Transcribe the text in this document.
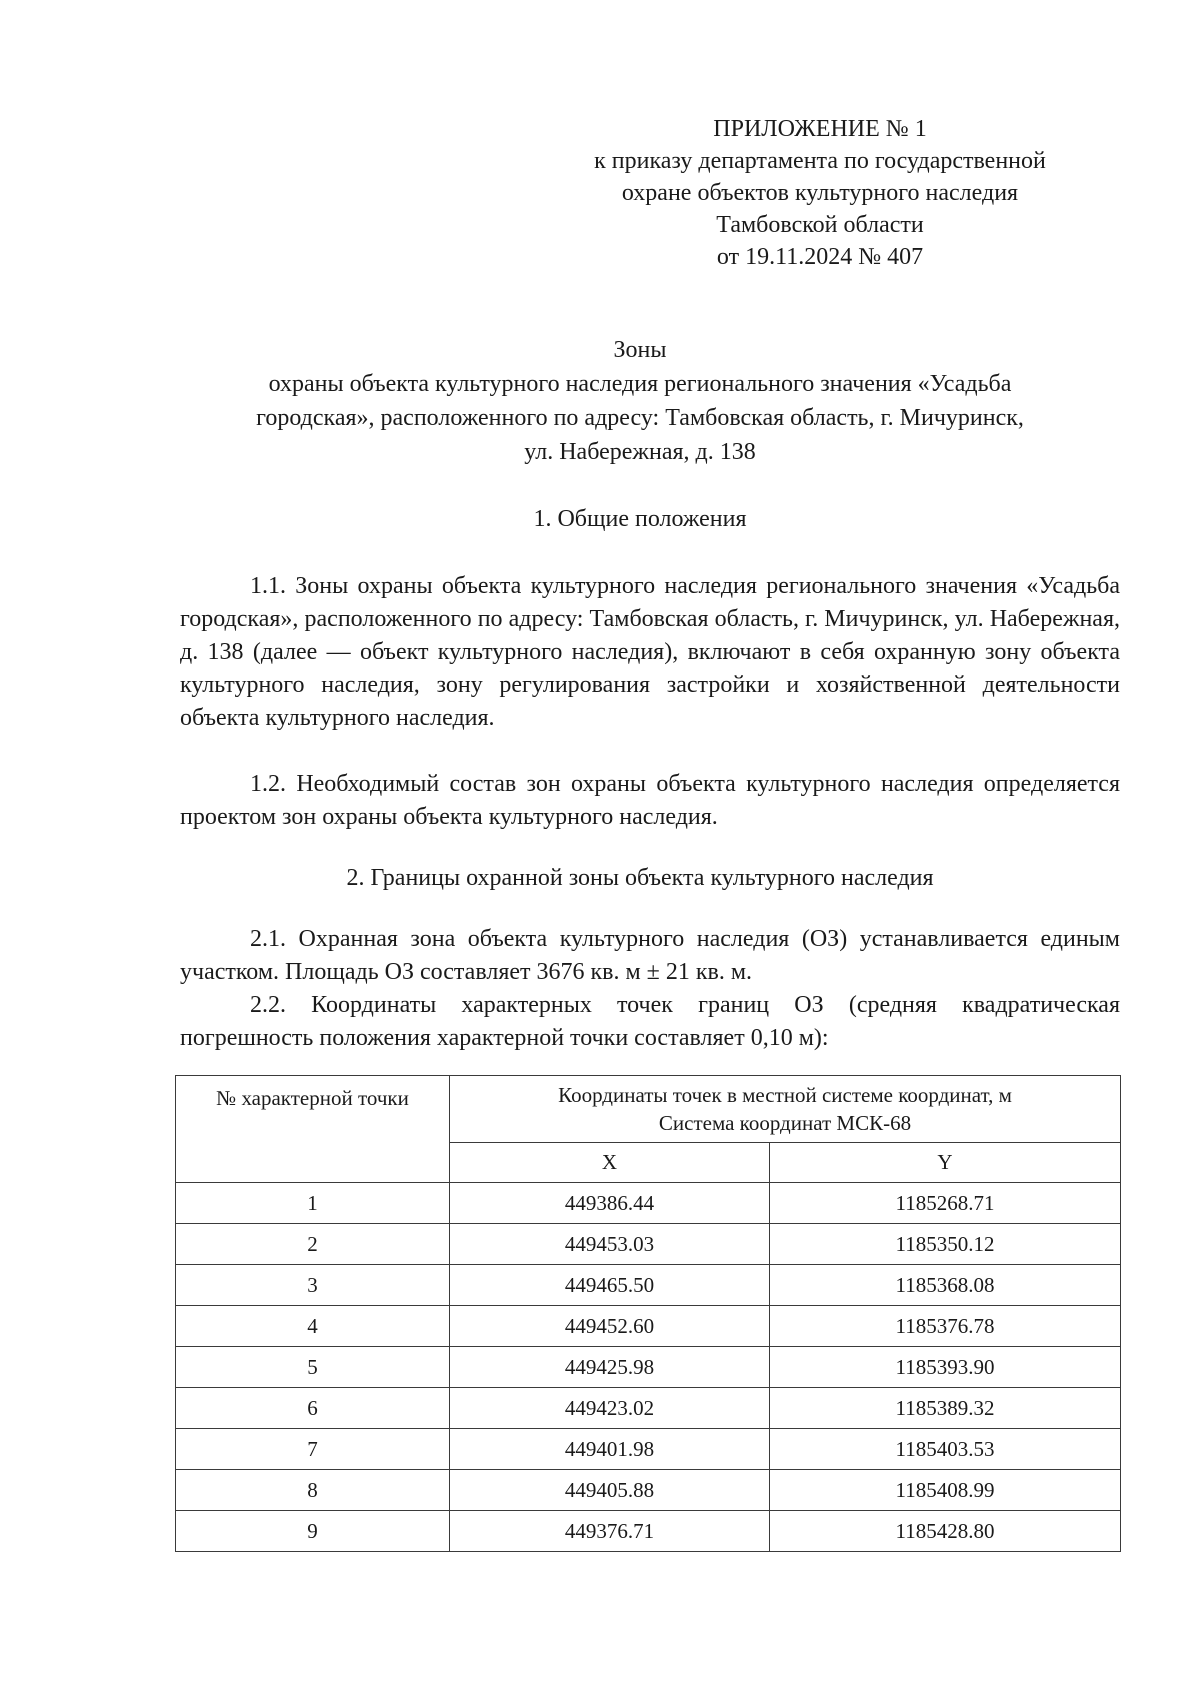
ПРИЛОЖЕНИЕ № 1
к приказу департамента по государственной
охране объектов культурного наследия
Тамбовской области
от 19.11.2024 № 407
Зоны
охраны объекта культурного наследия регионального значения «Усадьба
городская», расположенного по адресу: Тамбовская область, г. Мичуринск,
ул. Набережная, д. 138
1. Общие положения

1.1. Зоны охраны объекта культурного наследия регионального значения «Усадьба городская», расположенного по адресу: Тамбовская область, г. Мичуринск, ул. Набережная, д. 138 (далее — объект культурного наследия), включают в себя охранную зону объекта культурного наследия, зону регулирования застройки и хозяйственной деятельности объекта культурного наследия.

1.2. Необходимый состав зон охраны объекта культурного наследия определяется проектом зон охраны объекта культурного наследия.

2. Границы охранной зоны объекта культурного наследия

2.1. Охранная зона объекта культурного наследия (ОЗ) устанавливается единым участком. Площадь ОЗ составляет 3676 кв. м ± 21 кв. м.

2.2. Координаты характерных точек границ ОЗ (средняя квадратическая погрешность положения характерной точки составляет 0,10 м):

№ характерной точки	Координаты точек в местной системе координат, м
Система координат МСК-68	

	X	Y
1	449386.44	1185268.71
2	449453.03	1185350.12
3	449465.50	1185368.08
4	449452.60	1185376.78
5	449425.98	1185393.90
6	449423.02	1185389.32
7	449401.98	1185403.53
8	449405.88	1185408.99
9	449376.71	1185428.80
